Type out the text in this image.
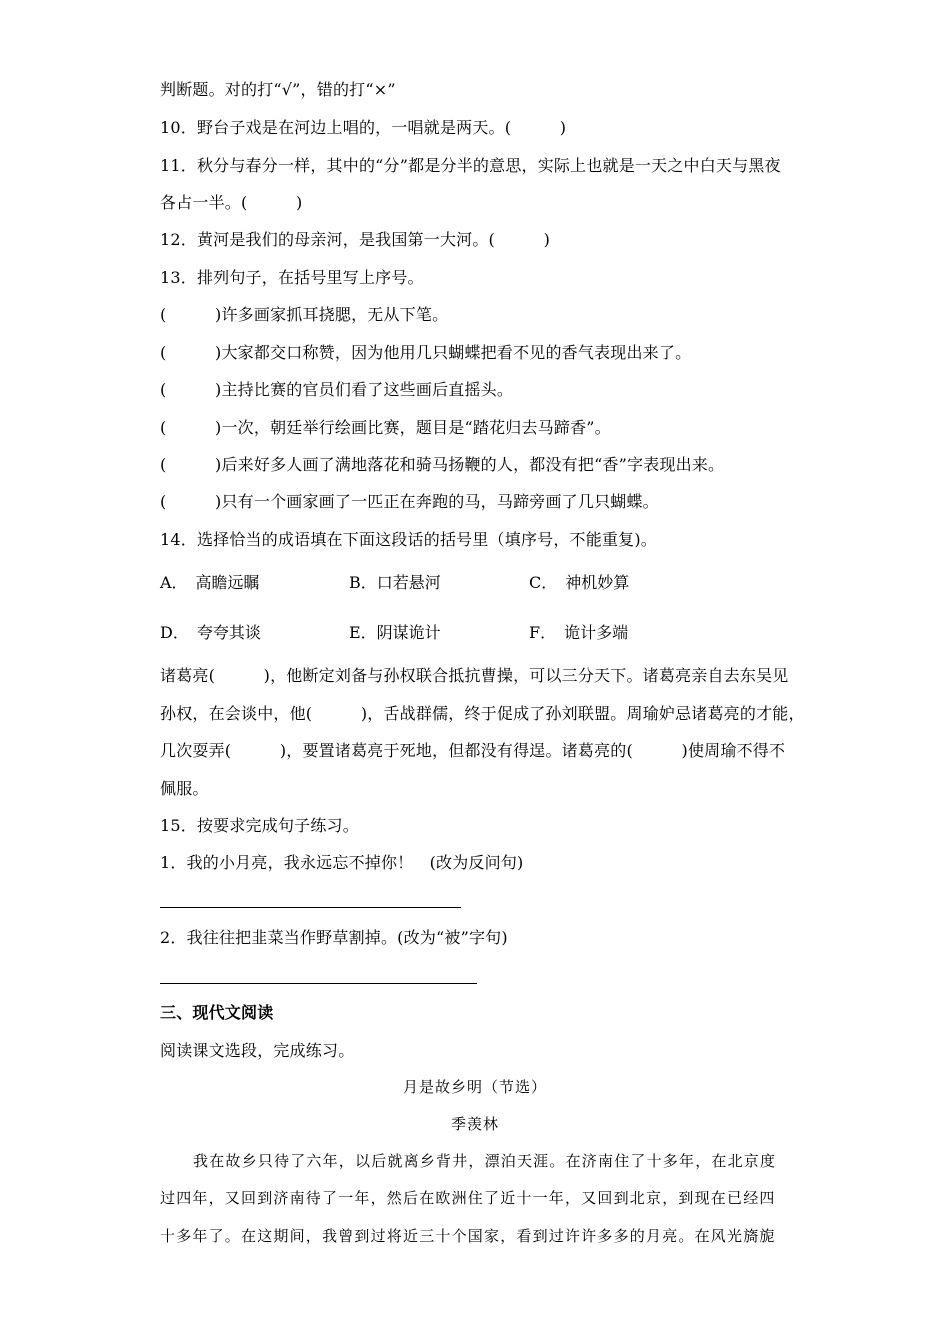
判断题。对的打“√”，错的打“×”
10．野台子戏是在河边上唱的，一唱就是两天。(　　　)
11．秋分与春分一样，其中的“分”都是分半的意思，实际上也就是一天之中白天与黑夜
各占一半。(　　　)
12．黄河是我们的母亲河，是我国第一大河。(　　　)
13．排列句子，在括号里写上序号。
(　　　)许多画家抓耳挠腮，无从下笔。
(　　　)大家都交口称赞，因为他用几只蝴蝶把看不见的香气表现出来了。
(　　　)主持比赛的官员们看了这些画后直摇头。
(　　　)一次，朝廷举行绘画比赛，题目是“踏花归去马蹄香”。
(　　　)后来好多人画了满地落花和骑马扬鞭的人，都没有把“香”字表现出来。
(　　　)只有一个画家画了一匹正在奔跑的马，马蹄旁画了几只蝴蝶。
14．选择恰当的成语填在下面这段话的括号里（填序号，不能重复)。
A．　高瞻远瞩	B．口若悬河	C．　神机妙算
D．　夸夸其谈	E．阴谋诡计	F．　诡计多端
诸葛亮(　　　)，他断定刘备与孙权联合抵抗曹操，可以三分天下。诸葛亮亲自去东吴见
孙权，在会谈中，他(　　　)，舌战群儒，终于促成了孙刘联盟。周瑜妒忌诸葛亮的才能，
几次耍弄(　　　)，要置诸葛亮于死地，但都没有得逞。诸葛亮的(　　　)使周瑜不得不
佩服。
15．按要求完成句子练习。
1．我的小月亮，我永远忘不掉你！　(改为反问句)
2．我往往把韭菜当作野草割掉。(改为“被”字句)
三、现代文阅读
阅读课文选段，完成练习。
月是故乡明（节选）
季羡林
我在故乡只待了六年，以后就离乡背井，漂泊天涯。在济南住了十多年，在北京度
过四年，又回到济南待了一年，然后在欧洲住了近十一年，又回到北京，到现在已经四
十多年了。在这期间，我曾到过将近三十个国家，看到过许许多多的月亮。在风光旖旎
